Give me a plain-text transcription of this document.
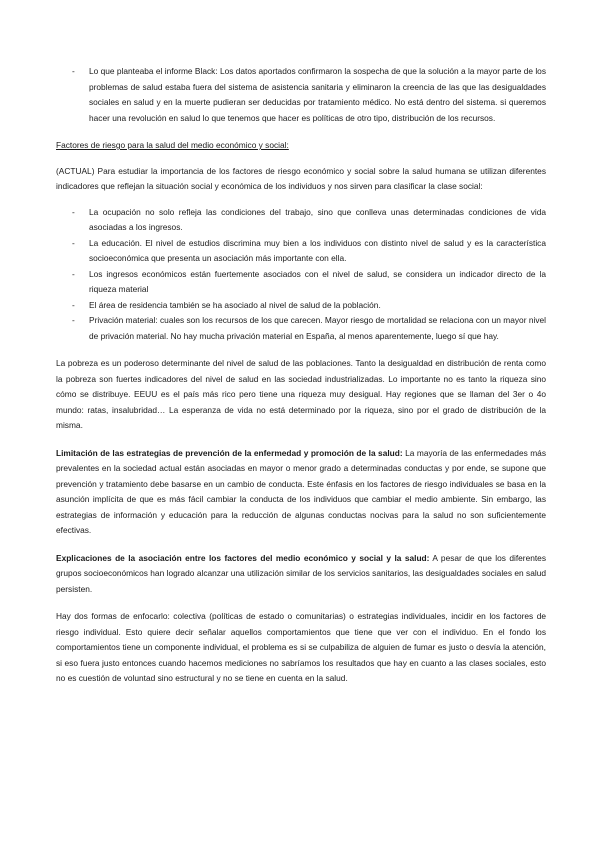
- Lo que planteaba el informe Black: Los datos aportados confirmaron la sospecha de que la solución a la mayor parte de los problemas de salud estaba fuera del sistema de asistencia sanitaria y eliminaron la creencia de las que las desigualdades sociales en salud y en la muerte pudieran ser deducidas por tratamiento médico. No está dentro del sistema. si queremos hacer una revolución en salud lo que tenemos que hacer es políticas de otro tipo, distribución de los recursos.

Factores de riesgo para la salud del medio económico y social:

(ACTUAL) Para estudiar la importancia de los factores de riesgo económico y social sobre la salud humana se utilizan diferentes indicadores que reflejan la situación social y económica de los individuos y nos sirven para clasificar la clase social:

- La ocupación no solo refleja las condiciones del trabajo, sino que conlleva unas determinadas condiciones de vida asociadas a los ingresos.
- La educación. El nivel de estudios discrimina muy bien a los individuos con distinto nivel de salud y es la característica socioeconómica que presenta un asociación más importante con ella.
- Los ingresos económicos están fuertemente asociados con el nivel de salud, se considera un indicador directo de la riqueza material
- El área de residencia también se ha asociado al nivel de salud de la población.
- Privación material: cuales son los recursos de los que carecen. Mayor riesgo de mortalidad se relaciona con un mayor nivel de privación material. No hay mucha privación material en España, al menos aparentemente, luego sí que hay.

La pobreza es un poderoso determinante del nivel de salud de las poblaciones. Tanto la desigualdad en distribución de renta como la pobreza son fuertes indicadores del nivel de salud en las sociedad industrializadas. Lo importante no es tanto la riqueza sino cómo se distribuye. EEUU es el país más rico pero tiene una riqueza muy desigual. Hay regiones que se llaman del 3er o 4o mundo: ratas, insalubridad… La esperanza de vida no está determinado por la riqueza, sino por el grado de distribución de la misma.

Limitación de las estrategias de prevención de la enfermedad y promoción de la salud: La mayoría de las enfermedades más prevalentes en la sociedad actual están asociadas en mayor o menor grado a determinadas conductas y por ende, se supone que prevención y tratamiento debe basarse en un cambio de conducta. Este énfasis en los factores de riesgo individuales se basa en la asunción implícita de que es más fácil cambiar la conducta de los individuos que cambiar el medio ambiente. Sin embargo, las estrategias de información y educación para la reducción de algunas conductas nocivas para la salud no son suficientemente efectivas.

Explicaciones de la asociación entre los factores del medio económico y social y la salud: A pesar de que los diferentes grupos socioeconómicos han logrado alcanzar una utilización similar de los servicios sanitarios, las desigualdades sociales en salud persisten.

Hay dos formas de enfocarlo: colectiva (políticas de estado o comunitarias) o estrategias individuales, incidir en los factores de riesgo individual. Esto quiere decir señalar aquellos comportamientos que tiene que ver con el individuo. En el fondo los comportamientos tiene un componente individual, el problema es si se culpabiliza de alguien de fumar es justo o desvía la atención, si eso fuera justo entonces cuando hacemos mediciones no sabríamos los resultados que hay en cuanto a las clases sociales, esto no es cuestión de voluntad sino estructural y no se tiene en cuenta en la salud.
